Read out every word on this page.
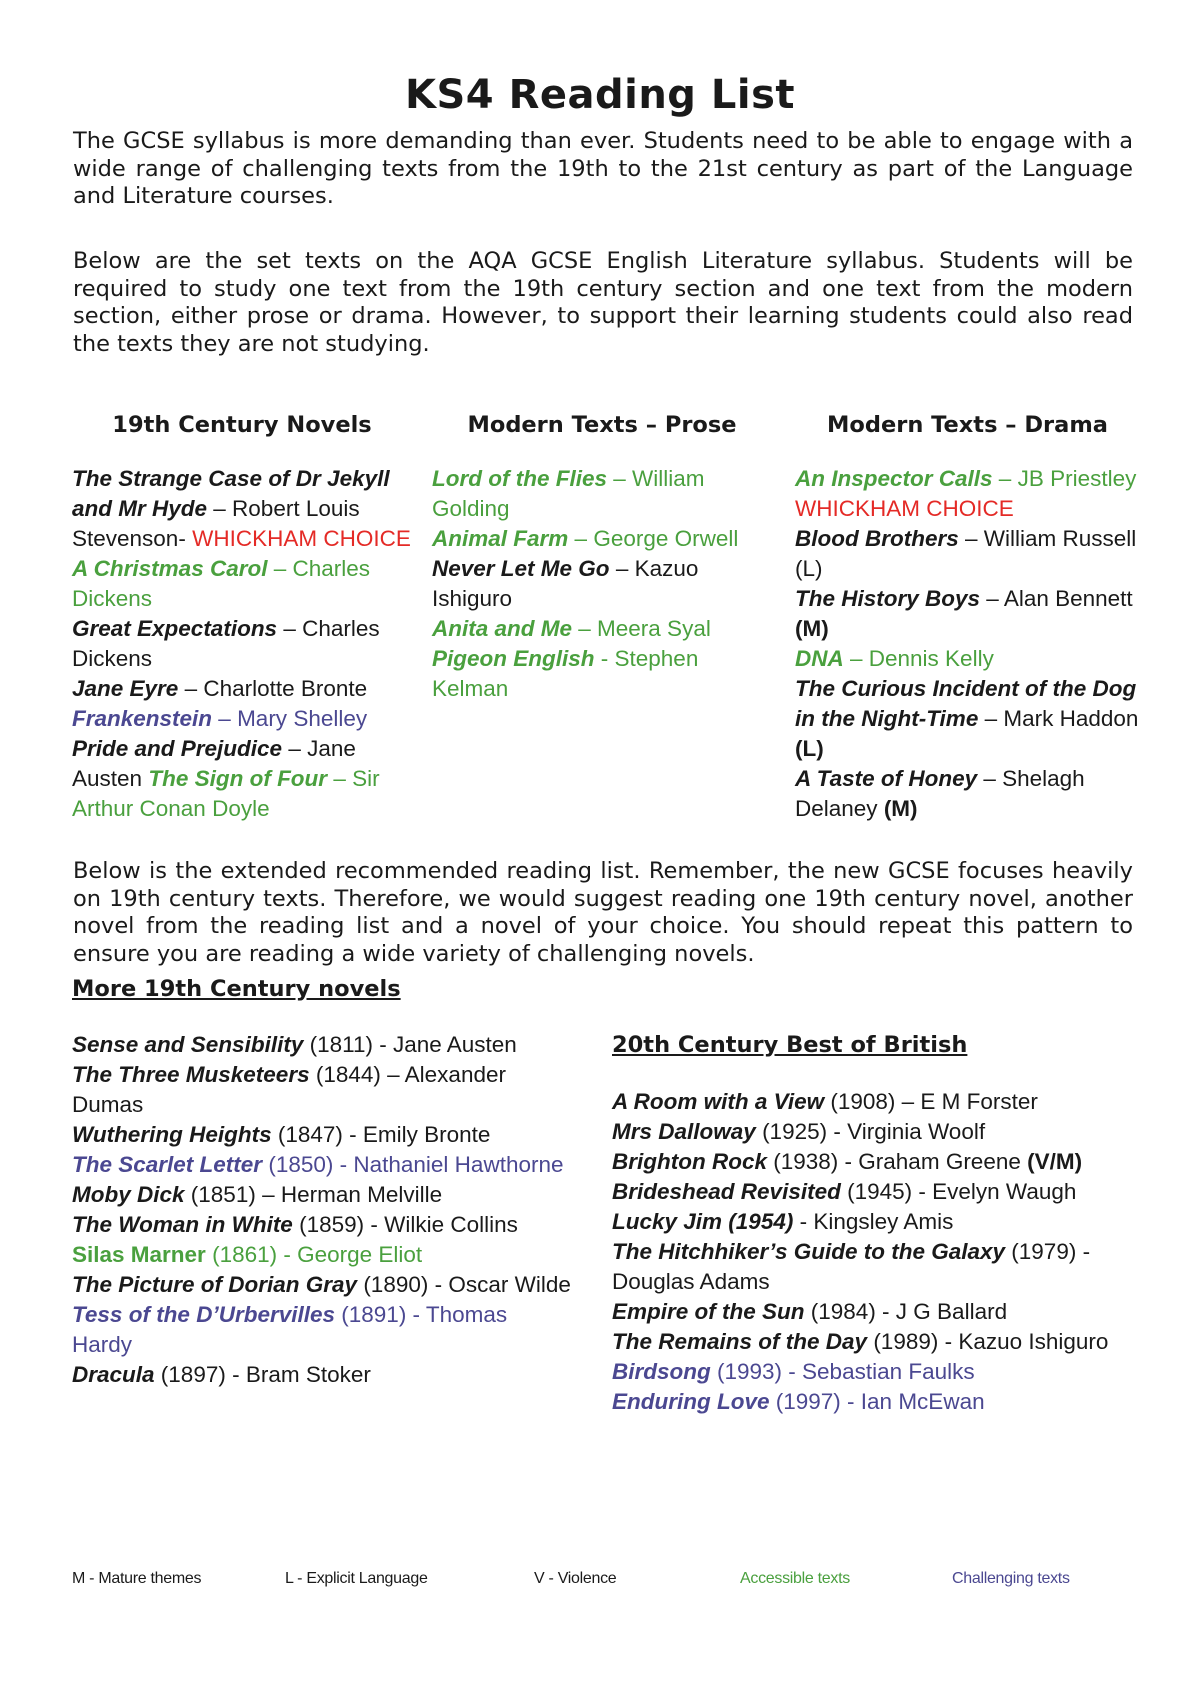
KS4 Reading List

The GCSE syllabus is more demanding than ever. Students need to be able to engage with a wide range of challenging texts from the 19th to the 21st century as part of the Language and Literature courses.

Below are the set texts on the AQA GCSE English Literature syllabus. Students will be required to study one text from the 19th century section and one text from the modern section, either prose or drama. However, to support their learning students could also read the texts they are not studying.

19th Century Novels
The Strange Case of Dr Jekyll and Mr Hyde – Robert Louis Stevenson- WHICKHAM CHOICE
A Christmas Carol – Charles Dickens
Great Expectations – Charles Dickens
Jane Eyre – Charlotte Bronte
Frankenstein – Mary Shelley
Pride and Prejudice – Jane Austen The Sign of Four – Sir Arthur Conan Doyle
Modern Texts – Prose
Lord of the Flies – William Golding
Animal Farm – George Orwell
Never Let Me Go – Kazuo Ishiguro
Anita and Me – Meera Syal
Pigeon English - Stephen Kelman
Modern Texts – Drama
An Inspector Calls – JB Priestley WHICKHAM CHOICE
Blood Brothers – William Russell (L)
The History Boys – Alan Bennett (M)
DNA – Dennis Kelly
The Curious Incident of the Dog in the Night-Time – Mark Haddon (L)
A Taste of Honey – Shelagh Delaney (M)

Below is the extended recommended reading list. Remember, the new GCSE focuses heavily on 19th century texts. Therefore, we would suggest reading one 19th century novel, another novel from the reading list and a novel of your choice. You should repeat this pattern to ensure you are reading a wide variety of challenging novels.

More 19th Century novels
Sense and Sensibility (1811) - Jane Austen
The Three Musketeers (1844) – Alexander Dumas
Wuthering Heights (1847) - Emily Bronte
The Scarlet Letter (1850) - Nathaniel Hawthorne
Moby Dick (1851) – Herman Melville
The Woman in White (1859) - Wilkie Collins
Silas Marner (1861) - George Eliot
The Picture of Dorian Gray (1890) - Oscar Wilde
Tess of the D’Urbervilles (1891) - Thomas Hardy
Dracula (1897) - Bram Stoker
20th Century Best of British
A Room with a View (1908) – E M Forster
Mrs Dalloway (1925) - Virginia Woolf
Brighton Rock (1938) - Graham Greene (V/M)
Brideshead Revisited (1945) - Evelyn Waugh
Lucky Jim (1954) - Kingsley Amis
The Hitchhiker’s Guide to the Galaxy (1979) - Douglas Adams
Empire of the Sun (1984) - J G Ballard
The Remains of the Day (1989) - Kazuo Ishiguro
Birdsong (1993) - Sebastian Faulks
Enduring Love (1997) - Ian McEwan
M - Mature themes	L - Explicit Language	V - Violence	Accessible texts	Challenging texts
